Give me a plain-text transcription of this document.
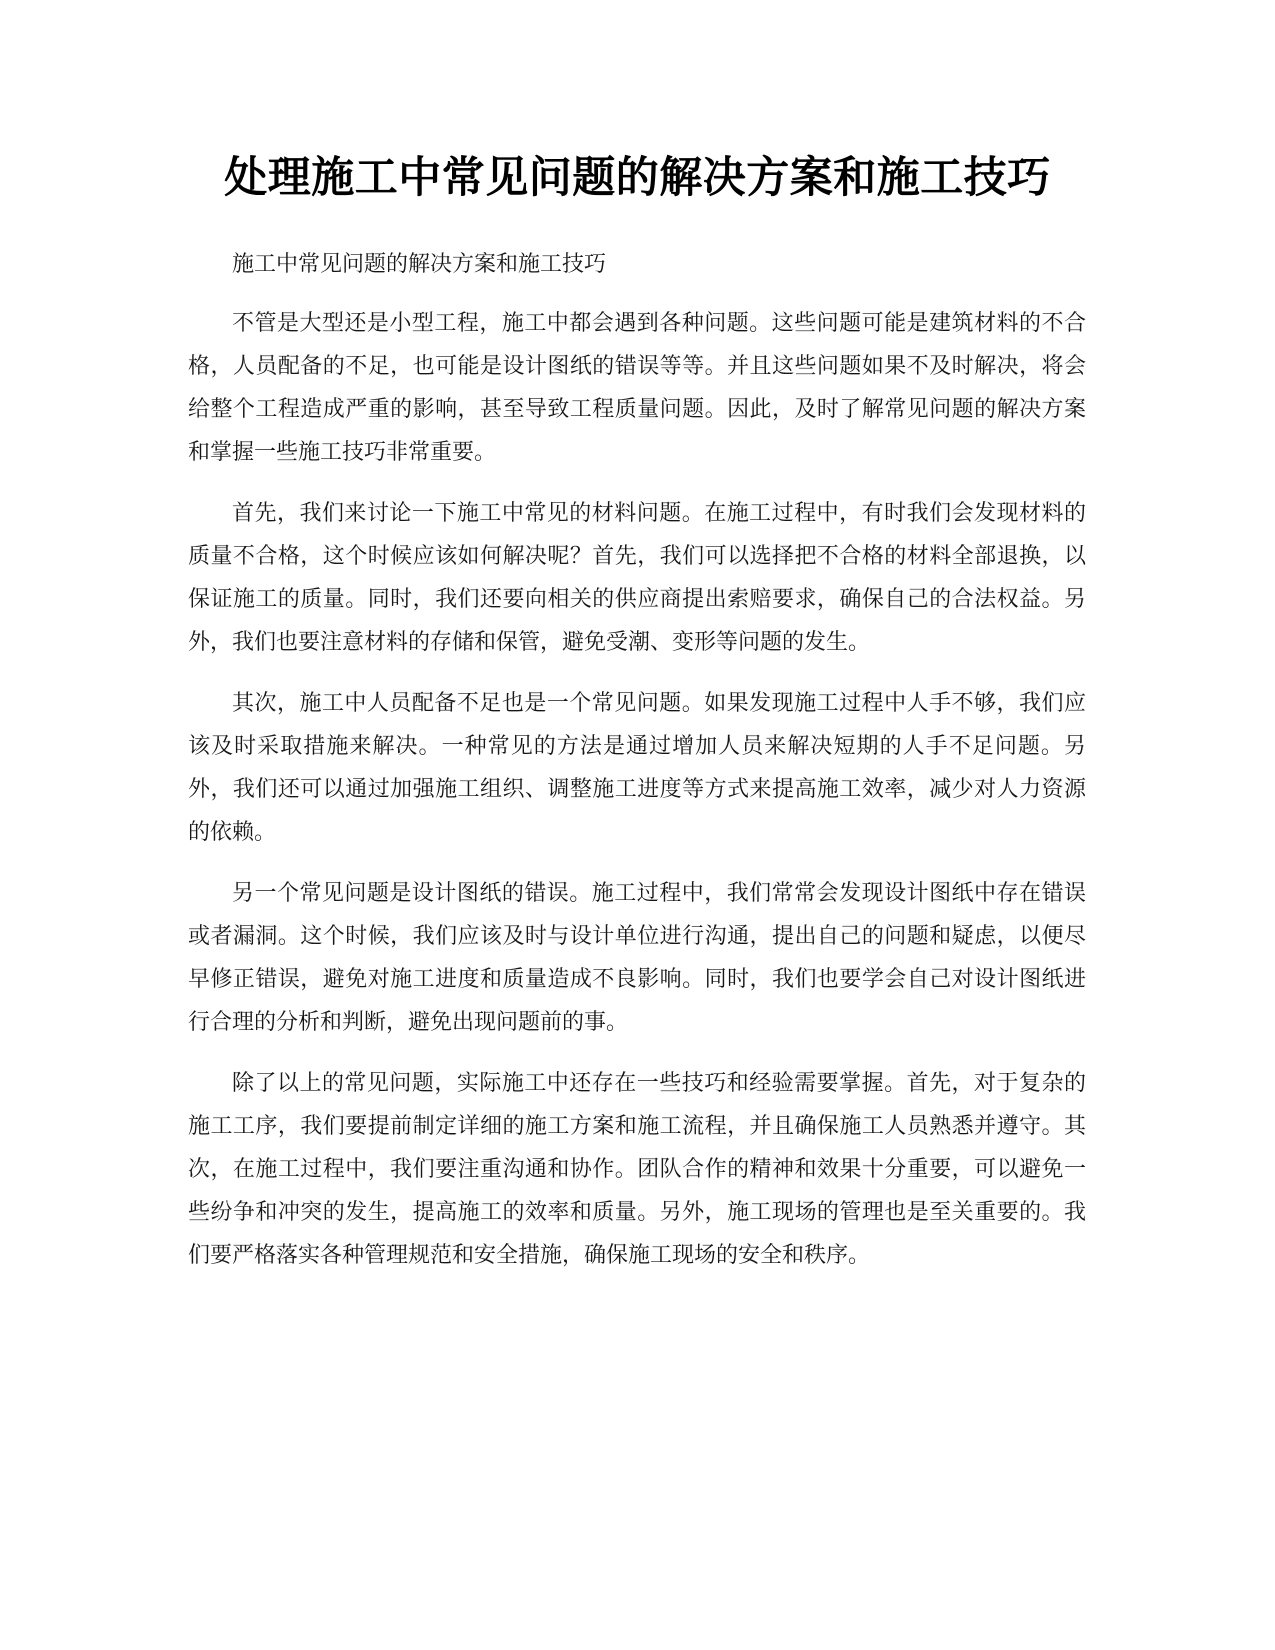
处理施工中常见问题的解决方案和施工技巧

施工中常见问题的解决方案和施工技巧

不管是大型还是小型工程，施工中都会遇到各种问题。这些问题可能是建筑材料的不合格，人员配备的不足，也可能是设计图纸的错误等等。并且这些问题如果不及时解决，将会给整个工程造成严重的影响，甚至导致工程质量问题。因此，及时了解常见问题的解决方案和掌握一些施工技巧非常重要。

首先，我们来讨论一下施工中常见的材料问题。在施工过程中，有时我们会发现材料的质量不合格，这个时候应该如何解决呢？首先，我们可以选择把不合格的材料全部退换，以保证施工的质量。同时，我们还要向相关的供应商提出索赔要求，确保自己的合法权益。另外，我们也要注意材料的存储和保管，避免受潮、变形等问题的发生。

其次，施工中人员配备不足也是一个常见问题。如果发现施工过程中人手不够，我们应该及时采取措施来解决。一种常见的方法是通过增加人员来解决短期的人手不足问题。另外，我们还可以通过加强施工组织、调整施工进度等方式来提高施工效率，减少对人力资源的依赖。

另一个常见问题是设计图纸的错误。施工过程中，我们常常会发现设计图纸中存在错误或者漏洞。这个时候，我们应该及时与设计单位进行沟通，提出自己的问题和疑虑，以便尽早修正错误，避免对施工进度和质量造成不良影响。同时，我们也要学会自己对设计图纸进行合理的分析和判断，避免出现问题前的事。

除了以上的常见问题，实际施工中还存在一些技巧和经验需要掌握。首先，对于复杂的施工工序，我们要提前制定详细的施工方案和施工流程，并且确保施工人员熟悉并遵守。其次，在施工过程中，我们要注重沟通和协作。团队合作的精神和效果十分重要，可以避免一些纷争和冲突的发生，提高施工的效率和质量。另外，施工现场的管理也是至关重要的。我们要严格落实各种管理规范和安全措施，确保施工现场的安全和秩序。
